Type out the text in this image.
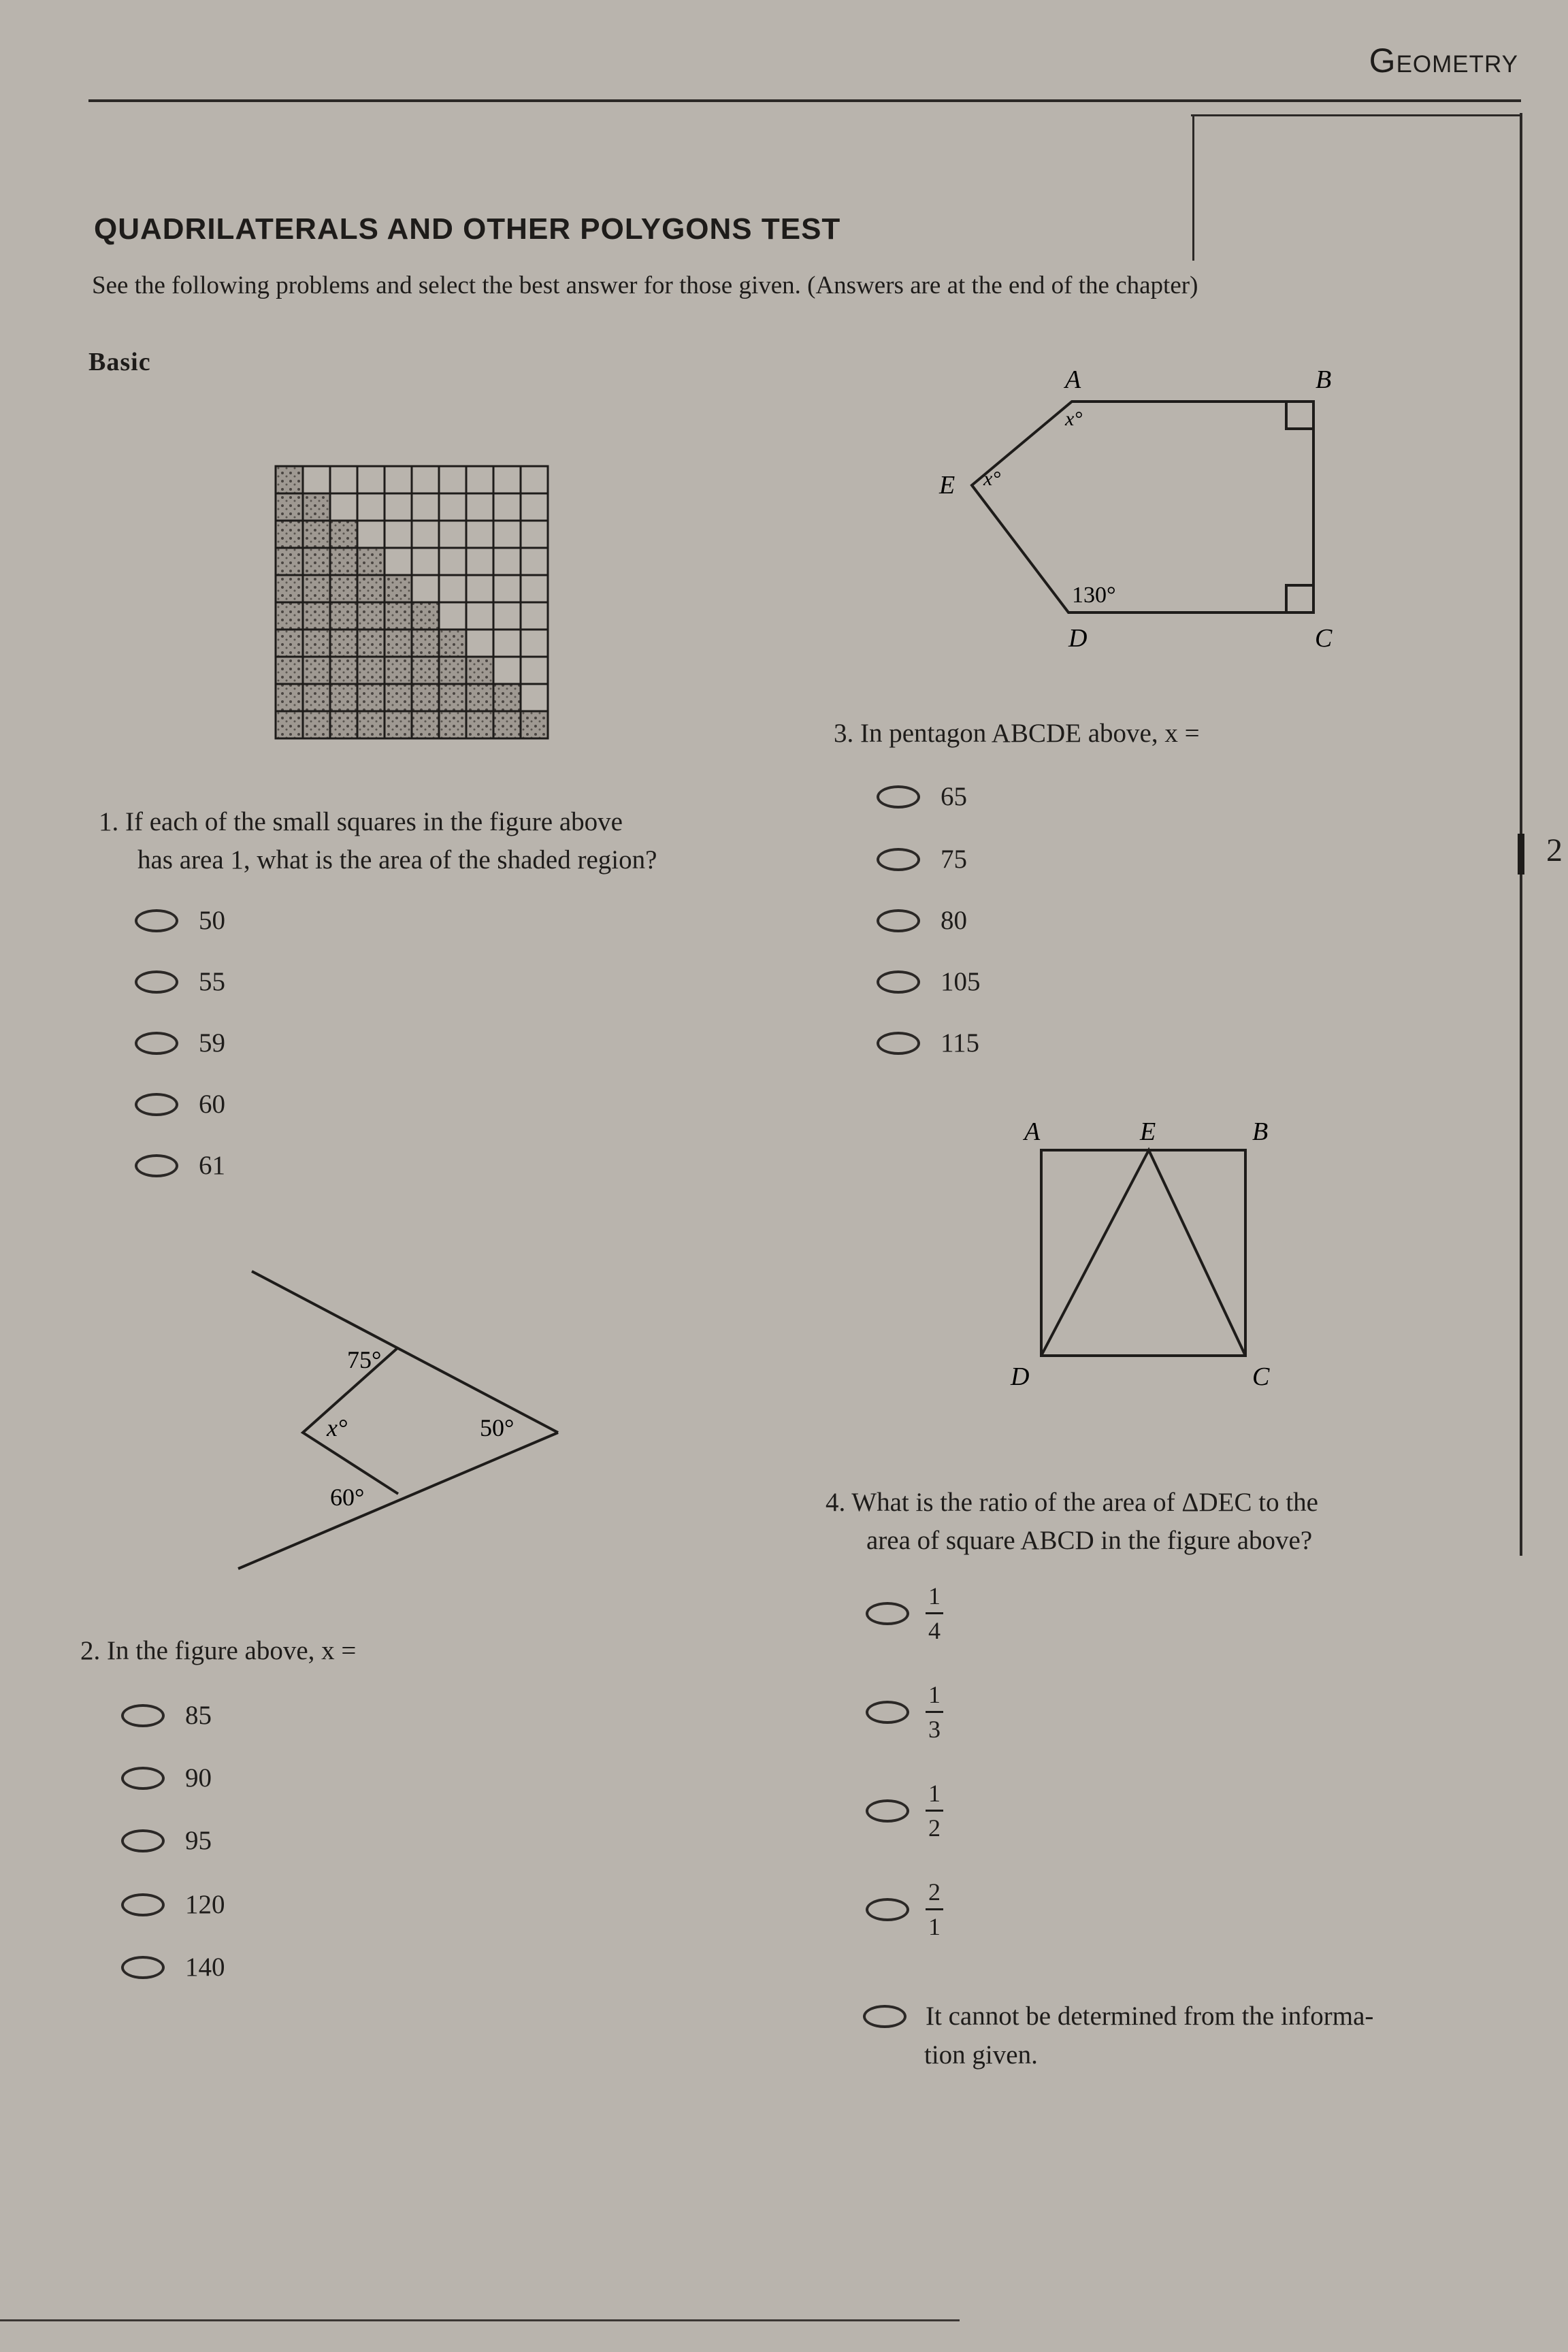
Geometry
2
QUADRILATERALS AND OTHER POLYGONS TEST
See the following problems and select the best answer for those given. (Answers are at the end of the chapter)
Basic
1. If each of the small squares in the figure above
has area 1, what is the area of the shaded region?
50
55
59
60
61
75°
x°	50°
60°
2. In the figure above, x =
85
90
95
120
140
A	B
C
D
E
x°
x°
130°
3. In pentagon ABCDE above, x =
65
75
80
105
115
A	E	B
D	C
4. What is the ratio of the area of ΔDEC to the
area of square ABCD in the figure above?
$\frac{1}{4}$
$\frac{1}{3}$
$\frac{1}{2}$
$\frac{2}{1}$
It cannot be determined from the informa-
tion given.
